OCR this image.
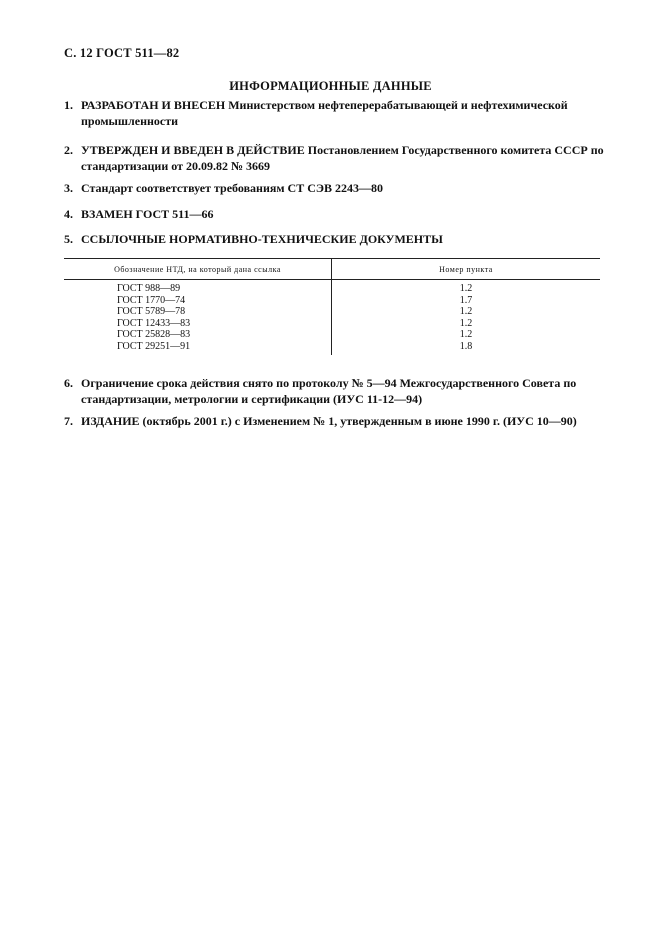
С. 12 ГОСТ 511—82
ИНФОРМАЦИОННЫЕ ДАННЫЕ
1. РАЗРАБОТАН И ВНЕСЕН Министерством нефтеперерабатывающей и нефтехимической промышленности
2. УТВЕРЖДЕН И ВВЕДЕН В ДЕЙСТВИЕ Постановлением Государственного комитета СССР по стандартизации от 20.09.82 № 3669
3. Стандарт соответствует требованиям СТ СЭВ 2243—80
4. ВЗАМЕН ГОСТ 511—66
5. ССЫЛОЧНЫЕ НОРМАТИВНО-ТЕХНИЧЕСКИЕ ДОКУМЕНТЫ
Обозначение НТД, на который дана ссылка	Номер пункта
ГОСТ 988—89	1.2
ГОСТ 1770—74	1.7
ГОСТ 5789—78	1.2
ГОСТ 12433—83	1.2
ГОСТ 25828—83	1.2
ГОСТ 29251—91	1.8
6. Ограничение срока действия снято по протоколу № 5—94 Межгосударственного Совета по стандартизации, метрологии и сертификации (ИУС 11-12—94)
7. ИЗДАНИЕ (октябрь 2001 г.) с Изменением № 1, утвержденным в июне 1990 г. (ИУС 10—90)
